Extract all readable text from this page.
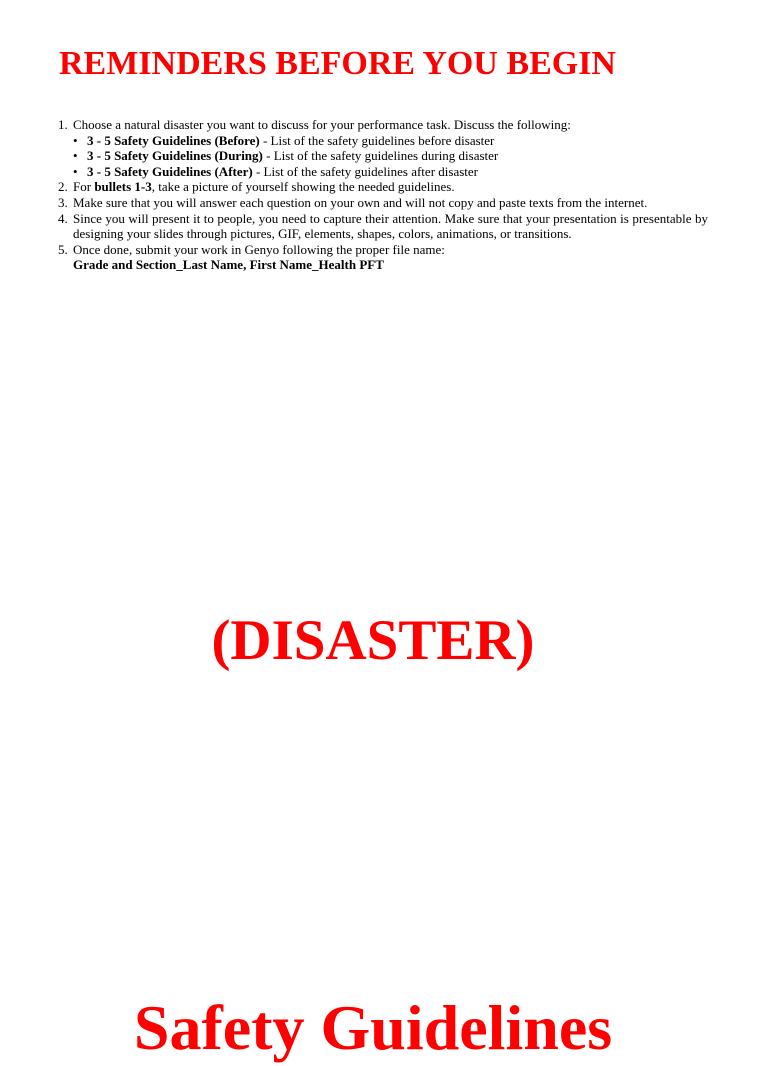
REMINDERS BEFORE YOU BEGIN
1. Choose a natural disaster you want to discuss for your performance task. Discuss the following:
• 3 - 5 Safety Guidelines (Before) - List of the safety guidelines before disaster
• 3 - 5 Safety Guidelines (During) - List of the safety guidelines during disaster
• 3 - 5 Safety Guidelines (After) - List of the safety guidelines after disaster
2. For bullets 1-3, take a picture of yourself showing the needed guidelines.
3. Make sure that you will answer each question on your own and will not copy and paste texts from the internet.
4. Since you will present it to people, you need to capture their attention. Make sure that your presentation is presentable by designing your slides through pictures, GIF, elements, shapes, colors, animations, or transitions.
5. Once done, submit your work in Genyo following the proper file name:
Grade and Section_Last Name, First Name_Health PFT
(DISASTER)
Safety Guidelines
